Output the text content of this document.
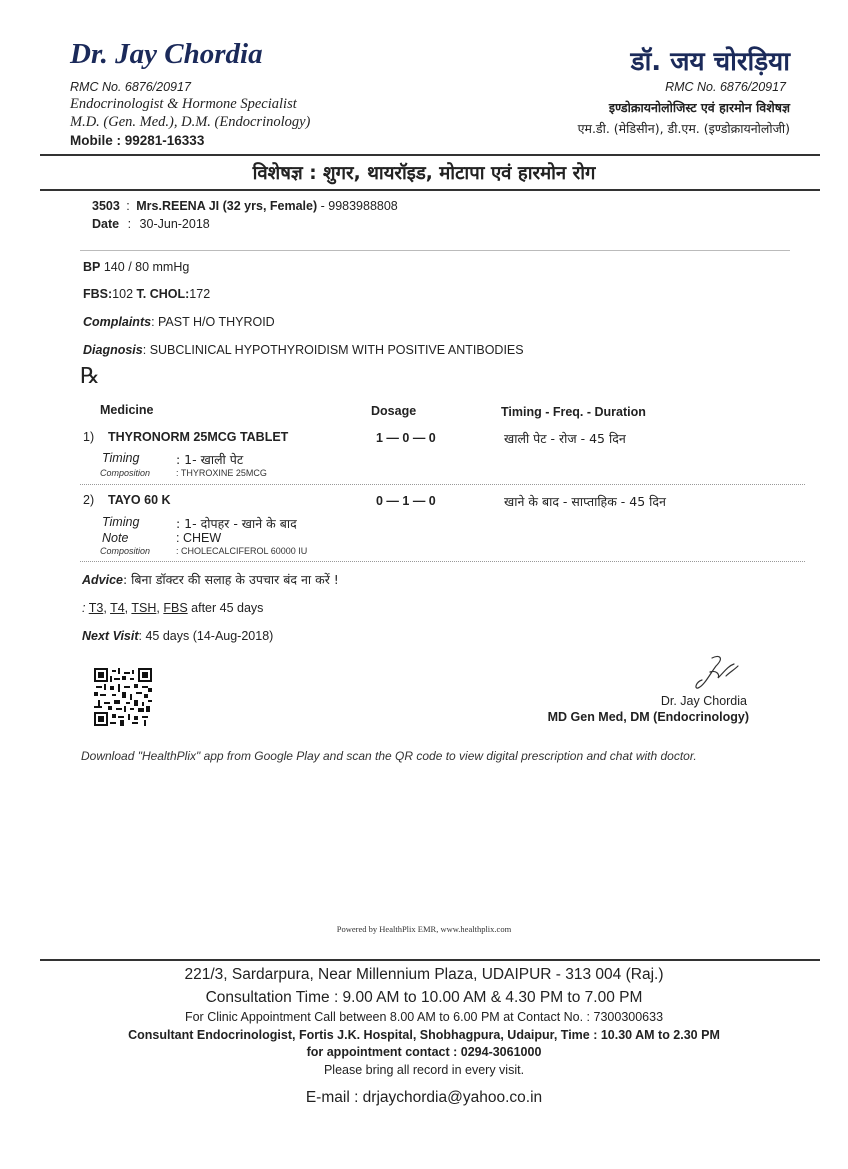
Dr. Jay Chordia
RMC No. 6876/20917
Endocrinologist & Hormone Specialist
M.D. (Gen. Med.), D.M. (Endocrinology)
Mobile : 99281-16333
डॉ. जय चोरड़िया
RMC No. 6876/20917
इण्डोक्रायनोलोजिस्ट एवं हारमोन विशेषज्ञ
एम.डी. (मेडिसीन), डी.एम. (इण्डोक्रायनोलोजी)
विशेषज्ञ : शुगर, थायरॉइड, मोटापा एवं हारमोन रोग
3503 : Mrs.REENA JI (32 yrs, Female) - 9983988808
Date : 30-Jun-2018
BP 140 / 80 mmHg
FBS:102 T. CHOL:172
Complaints: PAST H/O THYROID
Diagnosis: SUBCLINICAL HYPOTHYROIDISM WITH POSITIVE ANTIBODIES
℞
Medicine	Dosage	Timing - Freq. - Duration
1) THYRONORM 25MCG TABLET	1 — 0 — 0	खाली पेट - रोज - 45 दिन
Timing	: 1- खाली पेट
Composition	: THYROXINE 25MCG
2) TAYO 60 K	0 — 1 — 0	खाने के बाद - साप्ताहिक - 45 दिन
Timing	: 1- दोपहर - खाने के बाद
Note	: CHEW
Composition	: CHOLECALCIFEROL 60000 IU
Advice: बिना डॉक्टर की सलाह के उपचार बंद ना करें !
: T3, T4, TSH, FBS after 45 days
Next Visit: 45 days (14-Aug-2018)
Dr. Jay Chordia
MD Gen Med, DM (Endocrinology)
Download "HealthPlix" app from Google Play and scan the QR code to view digital prescription and chat with doctor.
Powered by HealthPlix EMR, www.healthplix.com
221/3, Sardarpura, Near Millennium Plaza, UDAIPUR - 313 004 (Raj.)
Consultation Time : 9.00 AM to 10.00 AM & 4.30 PM to 7.00 PM
For Clinic Appointment Call between 8.00 AM to 6.00 PM at Contact No. : 7300300633
Consultant Endocrinologist, Fortis J.K. Hospital, Shobhagpura, Udaipur, Time : 10.30 AM to 2.30 PM
for appointment contact : 0294-3061000
Please bring all record in every visit.
E-mail : drjaychordia@yahoo.co.in
